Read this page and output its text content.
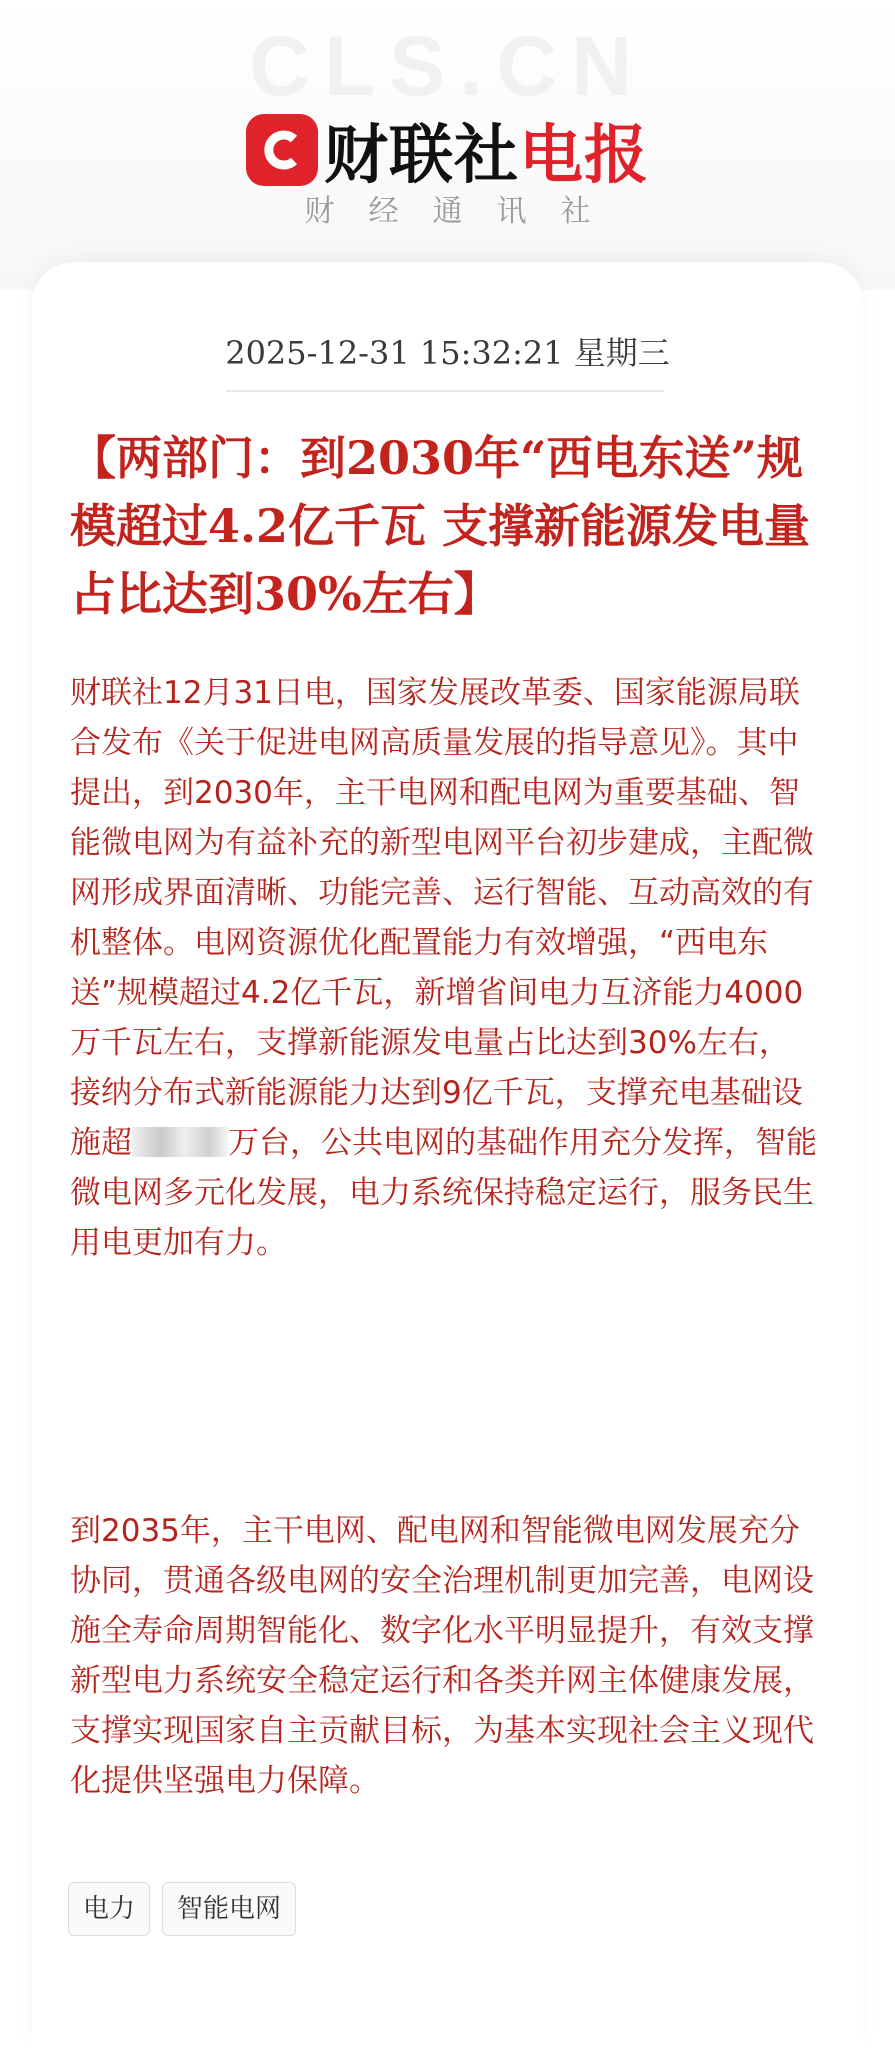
CLS.CN
财联社电报
财经通讯社
2025-12-31 15:32:21 星期三
【两部门：到2030年“西电东送”规模超过4.2亿千瓦 支撑新能源发电量占比达到30%左右】

财联社12月31日电，国家发展改革委、国家能源局联合发布《关于促进电网高质量发展的指导意见》。其中提出，到2030年，主干电网和配电网为重要基础、智能微电网为有益补充的新型电网平台初步建成，主配微网形成界面清晰、功能完善、运行智能、互动高效的有机整体。电网资源优化配置能力有效增强，“西电东送”规模超过4.2亿千瓦，新增省间电力互济能力4000万千瓦左右，支撑新能源发电量占比达到30%左右，接纳分布式新能源能力达到9亿千瓦，支撑充电基础设施超	万台，公共电网的基础作用充分发挥，智能微电网多元化发展，电力系统保持稳定运行，服务民生用电更加有力。

到2035年，主干电网、配电网和智能微电网发展充分协同，贯通各级电网的安全治理机制更加完善，电网设施全寿命周期智能化、数字化水平明显提升，有效支撑新型电力系统安全稳定运行和各类并网主体健康发展，支撑实现国家自主贡献目标，为基本实现社会主义现代化提供坚强电力保障。

电力	智能电网
